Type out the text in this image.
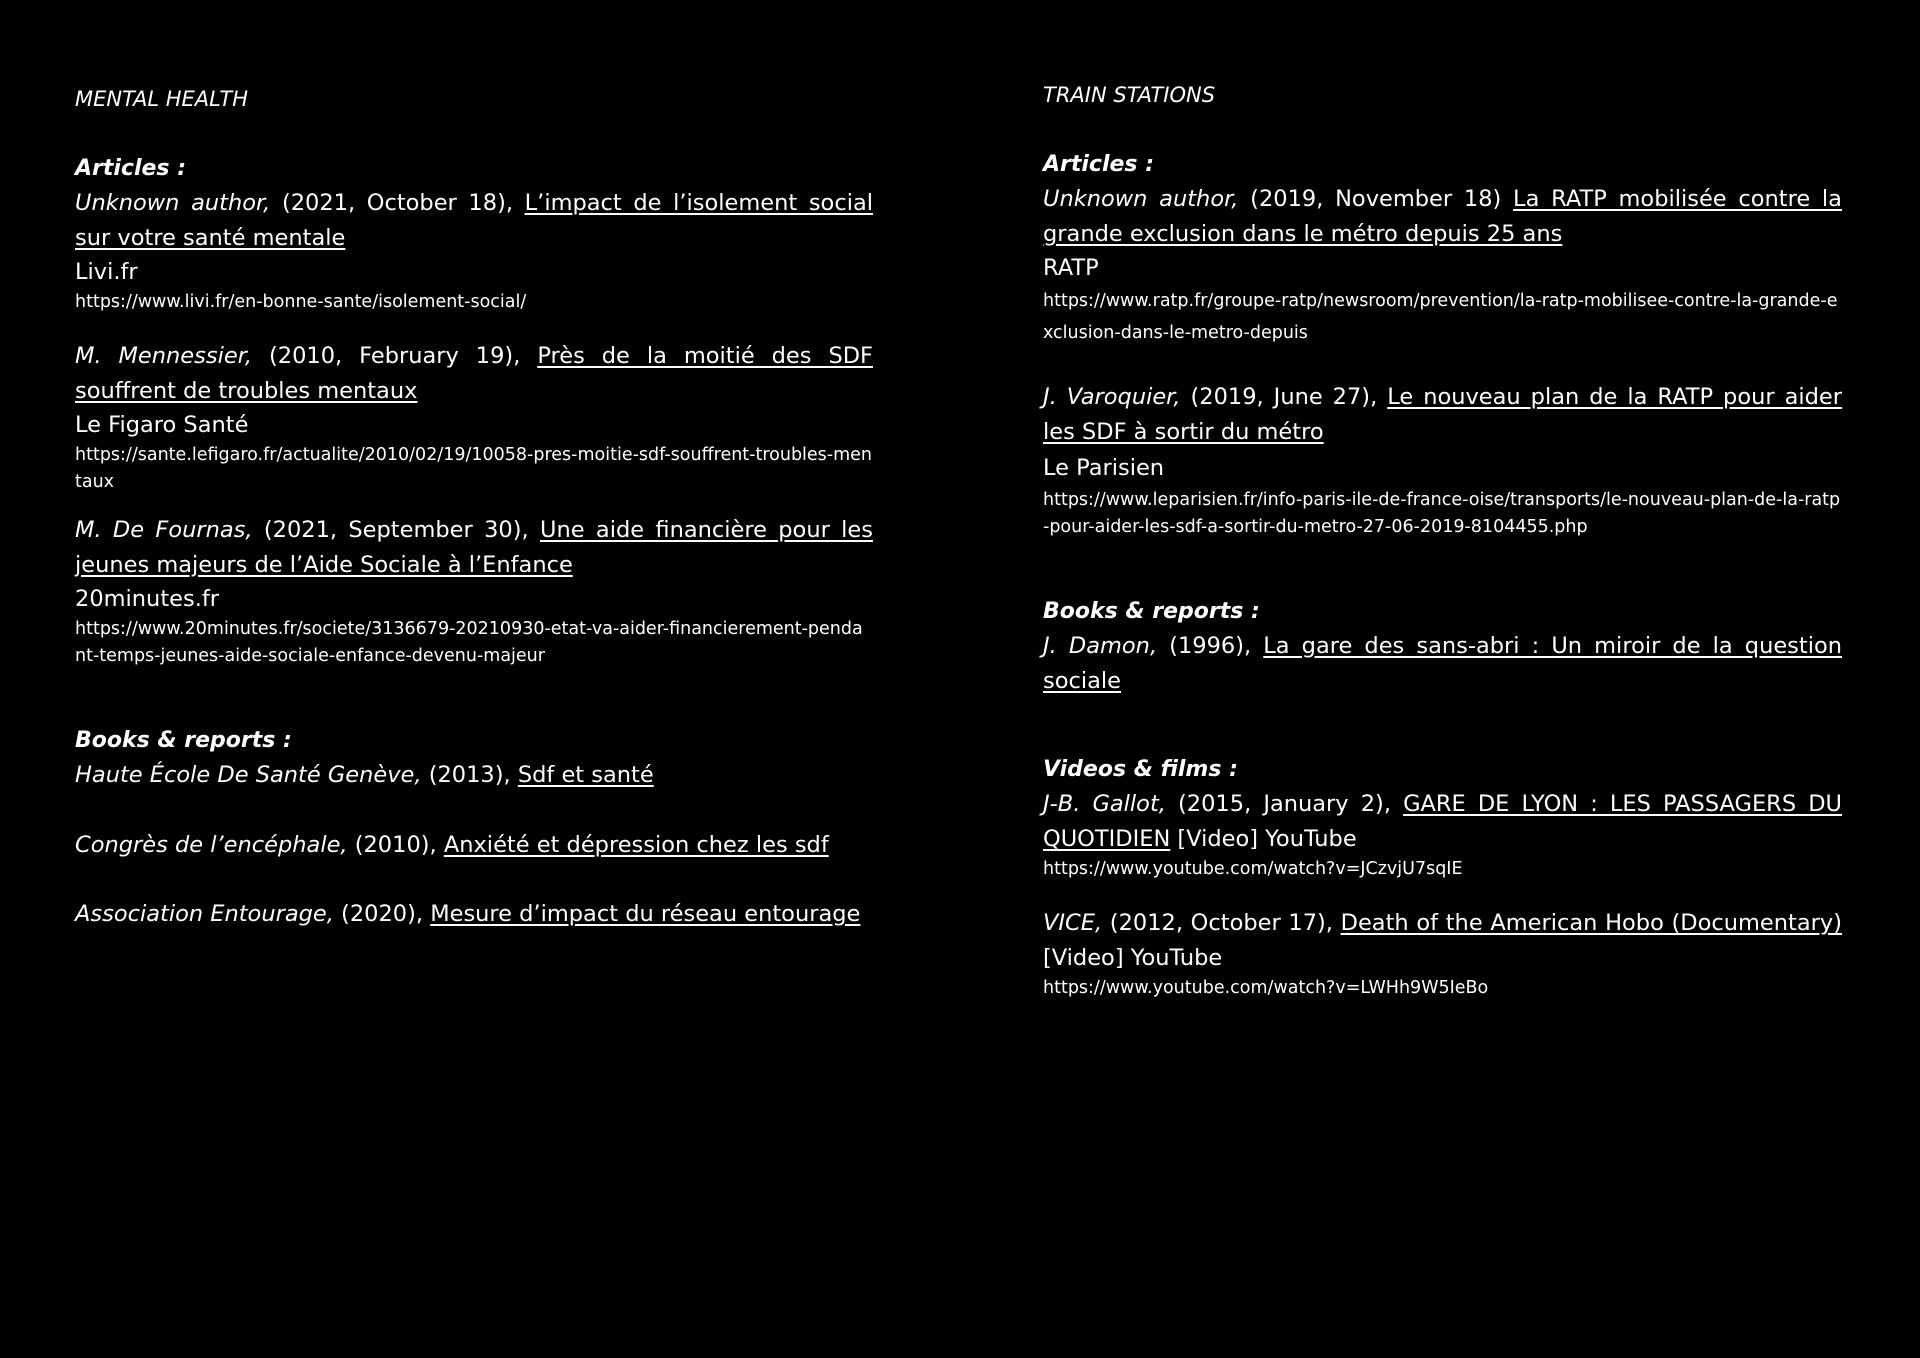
MENTAL HEALTH
Articles :
Unknown author, (2021, October 18), L’impact de l’isolement social sur votre santé mentale
Livi.fr
https://www.livi.fr/en-bonne-sante/isolement-social/
M. Mennessier, (2010, February 19), Près de la moitié des SDF souffrent de troubles mentaux
Le Figaro Santé
https://sante.lefigaro.fr/actualite/2010/02/19/10058-pres-moitie-sdf-souffrent-troubles-mentaux
M. De Fournas, (2021, September 30), Une aide financière pour les jeunes majeurs de l’Aide Sociale à l’Enfance
20minutes.fr
https://www.20minutes.fr/societe/3136679-20210930-etat-va-aider-financierement-pendant-temps-jeunes-aide-sociale-enfance-devenu-majeur
Books & reports :
Haute École De Santé Genève, (2013), Sdf et santé
Congrès de l’encéphale, (2010), Anxiété et dépression chez les sdf
Association Entourage, (2020), Mesure d’impact du réseau entourage
TRAIN STATIONS
Articles :
Unknown author, (2019, November 18) La RATP mobilisée contre la grande exclusion dans le métro depuis 25 ans
RATP
https://www.ratp.fr/groupe-ratp/newsroom/prevention/la-ratp-mobilisee-contre-la-grande-exclusion-dans-le-metro-depuis
J. Varoquier, (2019, June 27), Le nouveau plan de la RATP pour aider les SDF à sortir du métro
Le Parisien
https://www.leparisien.fr/info-paris-ile-de-france-oise/transports/le-nouveau-plan-de-la-ratp-pour-aider-les-sdf-a-sortir-du-metro-27-06-2019-8104455.php
Books & reports :
J. Damon, (1996), La gare des sans-abri : Un miroir de la question sociale
Videos & films :
J-B. Gallot, (2015, January 2), GARE DE LYON : LES PASSAGERS DU QUOTIDIEN [Video] YouTube
https://www.youtube.com/watch?v=JCzvjU7sqIE
VICE, (2012, October 17), Death of the American Hobo (Documentary) [Video] YouTube
https://www.youtube.com/watch?v=LWHh9W5IeBo
